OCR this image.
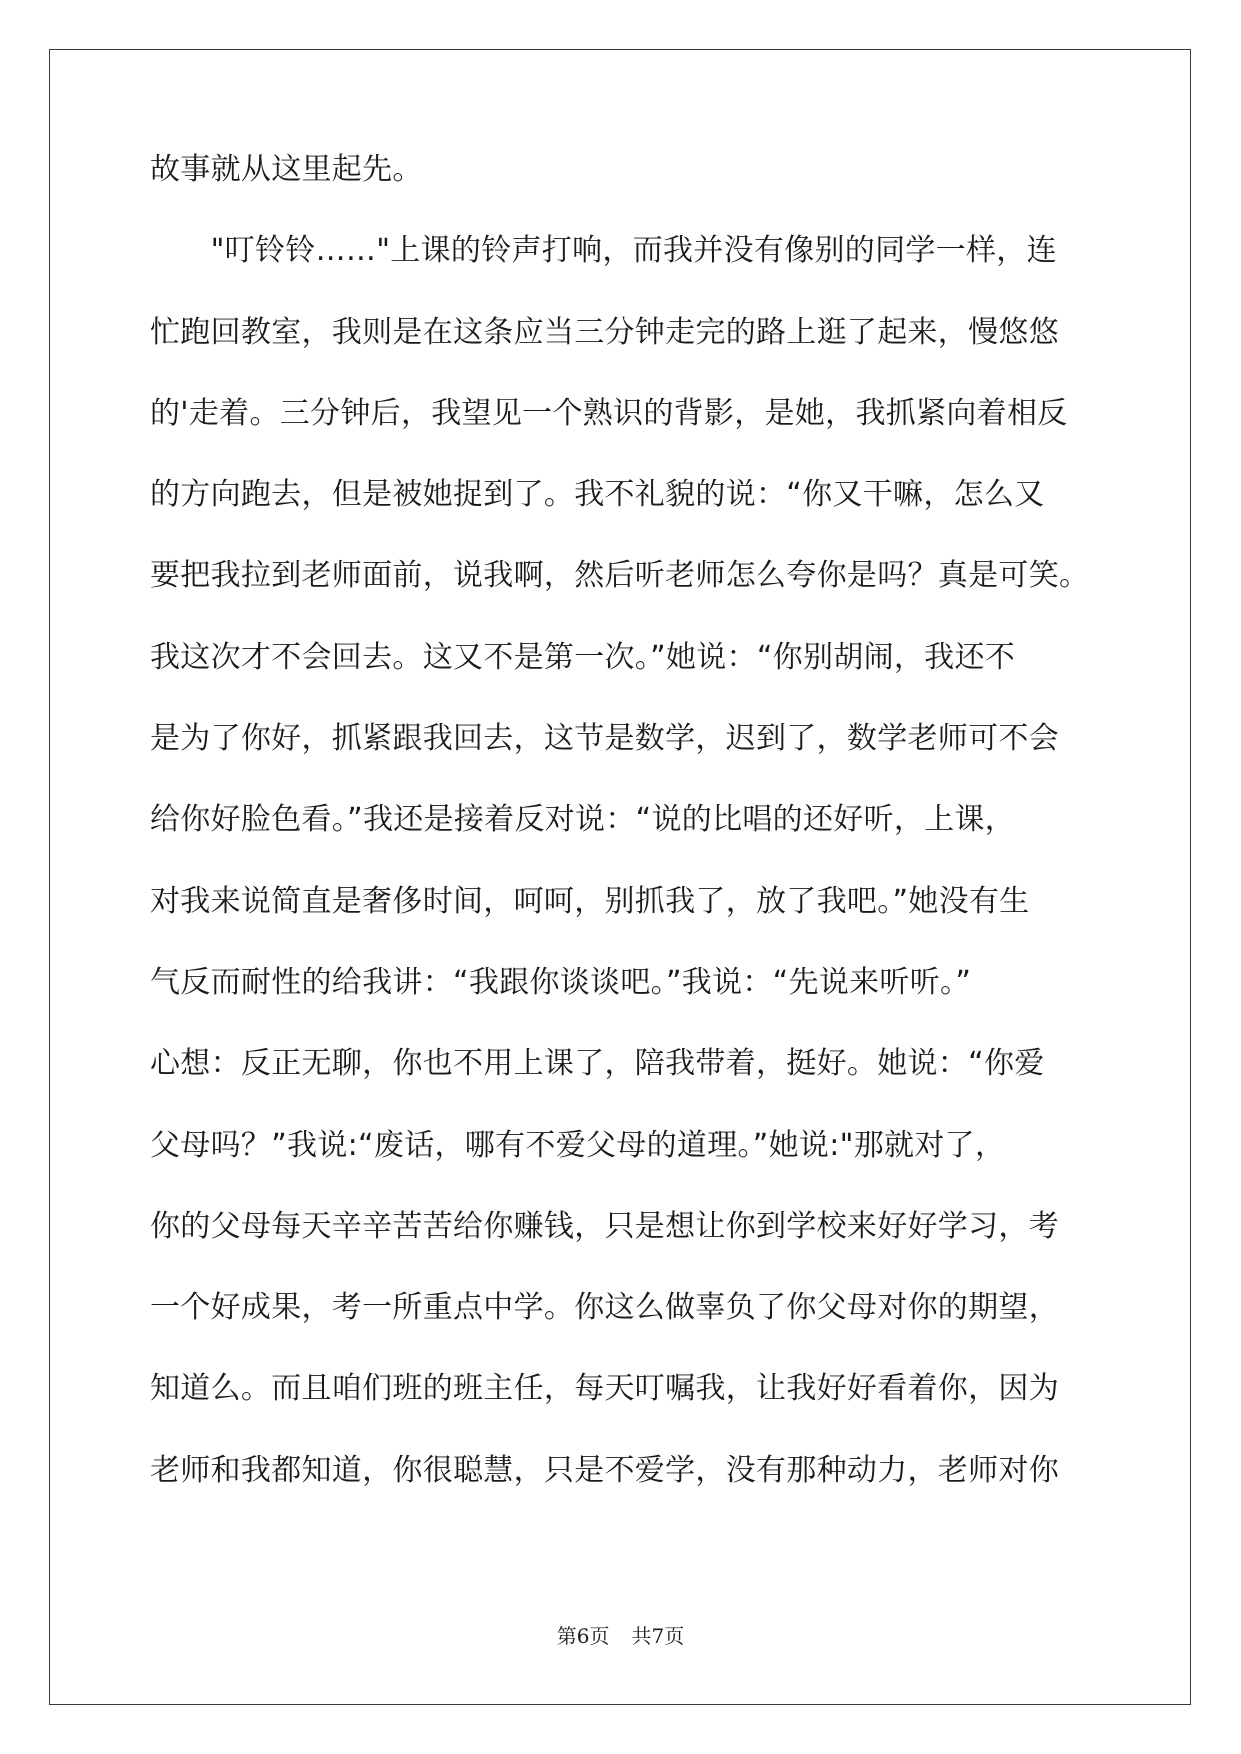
故事就从这里起先。
　　"叮铃铃……"上课的铃声打响，而我并没有像别的同学一样，连
忙跑回教室，我则是在这条应当三分钟走完的路上逛了起来，慢悠悠
的'走着。三分钟后，我望见一个熟识的背影，是她，我抓紧向着相反
的方向跑去，但是被她捉到了。我不礼貌的说：“你又干嘛，怎么又
要把我拉到老师面前，说我啊，然后听老师怎么夸你是吗？真是可笑。
我这次才不会回去。这又不是第一次。”她说：“你别胡闹，我还不
是为了你好，抓紧跟我回去，这节是数学，迟到了，数学老师可不会
给你好脸色看。”我还是接着反对说：“说的比唱的还好听，上课，
对我来说简直是奢侈时间，呵呵，别抓我了，放了我吧。”她没有生
气反而耐性的给我讲：“我跟你谈谈吧。”我说：“先说来听听。”
心想：反正无聊，你也不用上课了，陪我带着，挺好。她说：“你爱
父母吗？”我说:“废话，哪有不爱父母的道理。”她说:"那就对了，
你的父母每天辛辛苦苦给你赚钱，只是想让你到学校来好好学习，考
一个好成果，考一所重点中学。你这么做辜负了你父母对你的期望，
知道么。而且咱们班的班主任，每天叮嘱我，让我好好看着你，因为
老师和我都知道，你很聪慧，只是不爱学，没有那种动力，老师对你
第6页 共7页
